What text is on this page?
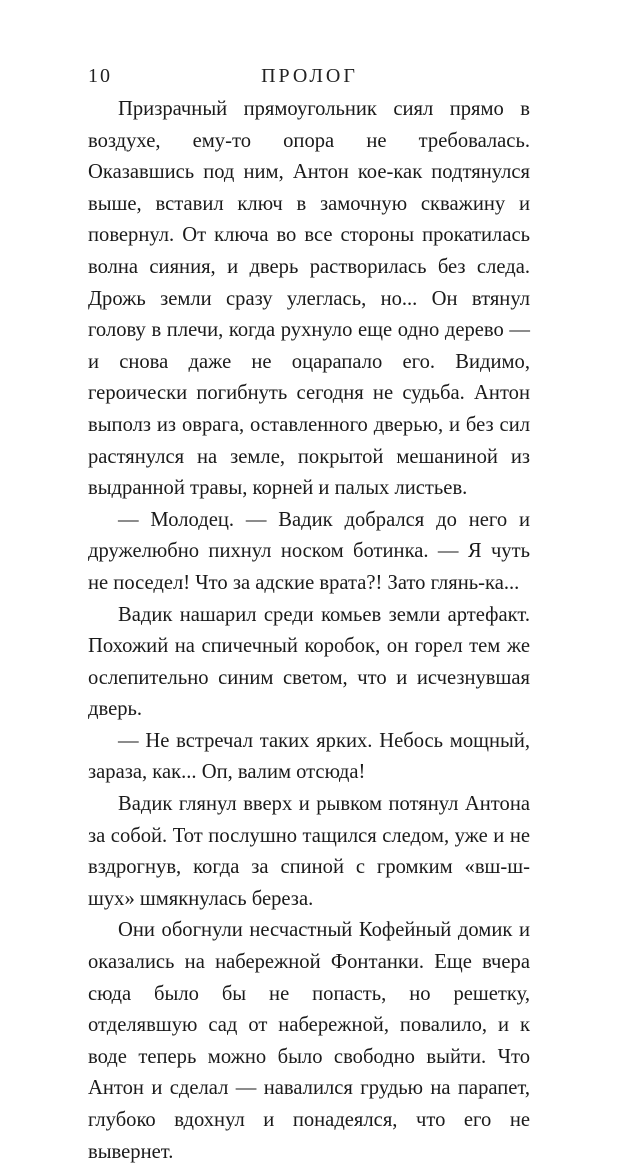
10	ПРОЛОГ

Призрачный прямоугольник сиял прямо в воздухе, ему-то опора не требовалась. Оказавшись под ним, Антон кое-как подтянулся выше, вставил ключ в замочную скважину и повернул. От ключа во все стороны прокатилась волна сияния, и дверь растворилась без следа. Дрожь земли сразу улеглась, но... Он втянул голову в плечи, когда рухнуло еще одно дерево — и снова даже не оцарапало его. Видимо, героически погибнуть сегодня не судьба. Антон выполз из оврага, оставленного дверью, и без сил растянулся на земле, покрытой мешаниной из выдранной травы, корней и палых листьев.

— Молодец. — Вадик добрался до него и дружелюбно пихнул носком ботинка. — Я чуть не поседел! Что за адские врата?! Зато глянь-ка...

Вадик нашарил среди комьев земли артефакт. Похожий на спичечный коробок, он горел тем же ослепительно синим светом, что и исчезнувшая дверь.

— Не встречал таких ярких. Небось мощный, зараза, как... Оп, валим отсюда!

Вадик глянул вверх и рывком потянул Антона за собой. Тот послушно тащился следом, уже и не вздрогнув, когда за спиной с громким «вш-ш-шух» шмякнулась береза.

Они обогнули несчастный Кофейный домик и оказались на набережной Фонтанки. Еще вчера сюда было бы не попасть, но решетку, отделявшую сад от набережной, повалило, и к воде теперь можно было свободно выйти. Что Антон и сделал — навалился грудью на парапет, глубоко вдохнул и понадеялся, что его не вывернет.
